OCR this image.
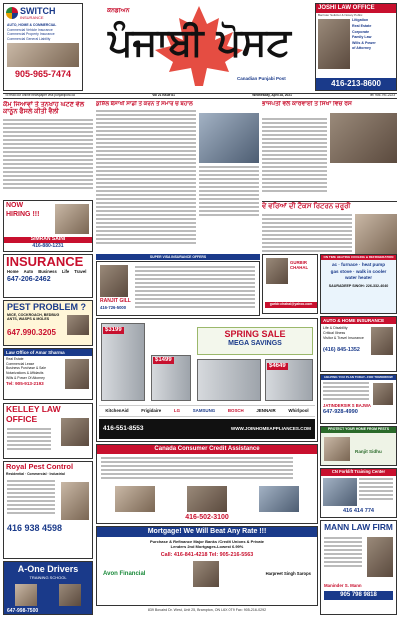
SWITCH
INSURANCE
AUTO, HOME & COMMERCIAL
Commercial Vehicle Insurance
Commercial Property Insurance
Commercial General Liability
905-965-7474
ਕੈਨੇਡੀਅਨ
ਪੰਜਾਬੀ ਪੋਸਟ
Canadian Punjabi Post
JOSHI LAW OFFICE
Barrister Solicitor & Notary Public
Litigation
Real Estate
Corporate
Family Law
Wills & Power
of Attorney
416-213-8600
To read our online newspaper visit punjabipost.ca	Vol 21 Issue 81	Wednesday, April 28, 2021	Tel: 905-791-2223
ਕੈਮ ਜਿਆਵਾਂ ਤੇ ਤਨਖਾਹ ਘਟਣ ਵੇਲ ਕਾਨੂੰਨ ਫੈਸਲੇ ਕੀਤੀ ਵੈਲੀ
ਕੁਸ਼ਿੱਲ ਬੈਸਾਖੀ ਸਾਡੀ ਤੇ ਕਰਨ ਤੋਂ ਸਮਾਰ ਚ ਬਹਾਲ	ਭਾਜਪੇਤੀ ਵੱਲੋਂ ਕਾਰਵਾਈ ਤੋਂ ਸਿੱਖਾਂ ਵਿਚ ਰੋਸ
ਵੇ ਵਰਿਆਂ ਦੀ ਟੈਕਸ ਰਿਟਰਨ ਜ਼ਰੂਰੀ
NOW
HIRING !!!
SIMRAN SAINI
416-880-1231
INSURANCE
Home Auto Business Life Travel
647-206-2462
PEST PROBLEM ?
MICE, COCKROACH, BEDBUG
ANTS, WASPS & MOLES
647.990.3205
Law Office of Amar Sharma
Real Estate
Commercial Lease
Business Purchase & Sale
Notarizations & Affidavits
Wills & Power Of Attorney
Tel: 905-913-2193
KELLEY LAW OFFICE
Royal Pest Control
Residential · Commercial · Industrial
416 938 4598
A-One Drivers
TRAINING SCHOOL
647-998-7500
SUPER VISA INSURANCE OFFERS
RANJIT GILL
416-726-5000
GURBIR CHAHAL
gurbir.chahal@yahoo.com
ON TIME HEATING COOLING & REFRIGERATION
ac · furnace · heat pump
gas stove · walk in cooler
water heater
SAURADEEP SINGH: 226-332-4040
$3199
$1499
SPRING SALE
MEGA SAVINGS
$4649
KitchenAid	Frigidaire	LG	SAMSUNG	BOSCH	JENNAIR	Whirlpool
416-551-8553	WWW.JOINHOMEAPPLIANCES.COM
Canada Consumer Credit Assistance
416-502-3100
Mortgage! We Will Beat Any Rate !!!
Purchase & Refinance Major Banks /Credit Unions & Private
Lenders 2nd Mortgages-Lowest 6.99%
Call: 416-841-4218 Tel: 905-216-5563
Avon Financial	Harpreet Singh Sarops
839 Bovaird Dr. West, Unit 25, Brampton, ON L6X 0T9 Fax: 905-216-0292
AUTO & HOME INSURANCE
Life & Disability
Critical Illness
Visitor & Travel Insurance
(416) 845-1352
HELPING YOU PLAN TODAY...FOR TOMORROW
JATINDERSIR S BAJWA
647-928-4990
PROTECT YOUR HOME FROM PESTS
Ranjit Sidhu
CN Forklift Training Center
416 414 774
MANN LAW FIRM
Maninder S. Mann
905 798 9818
